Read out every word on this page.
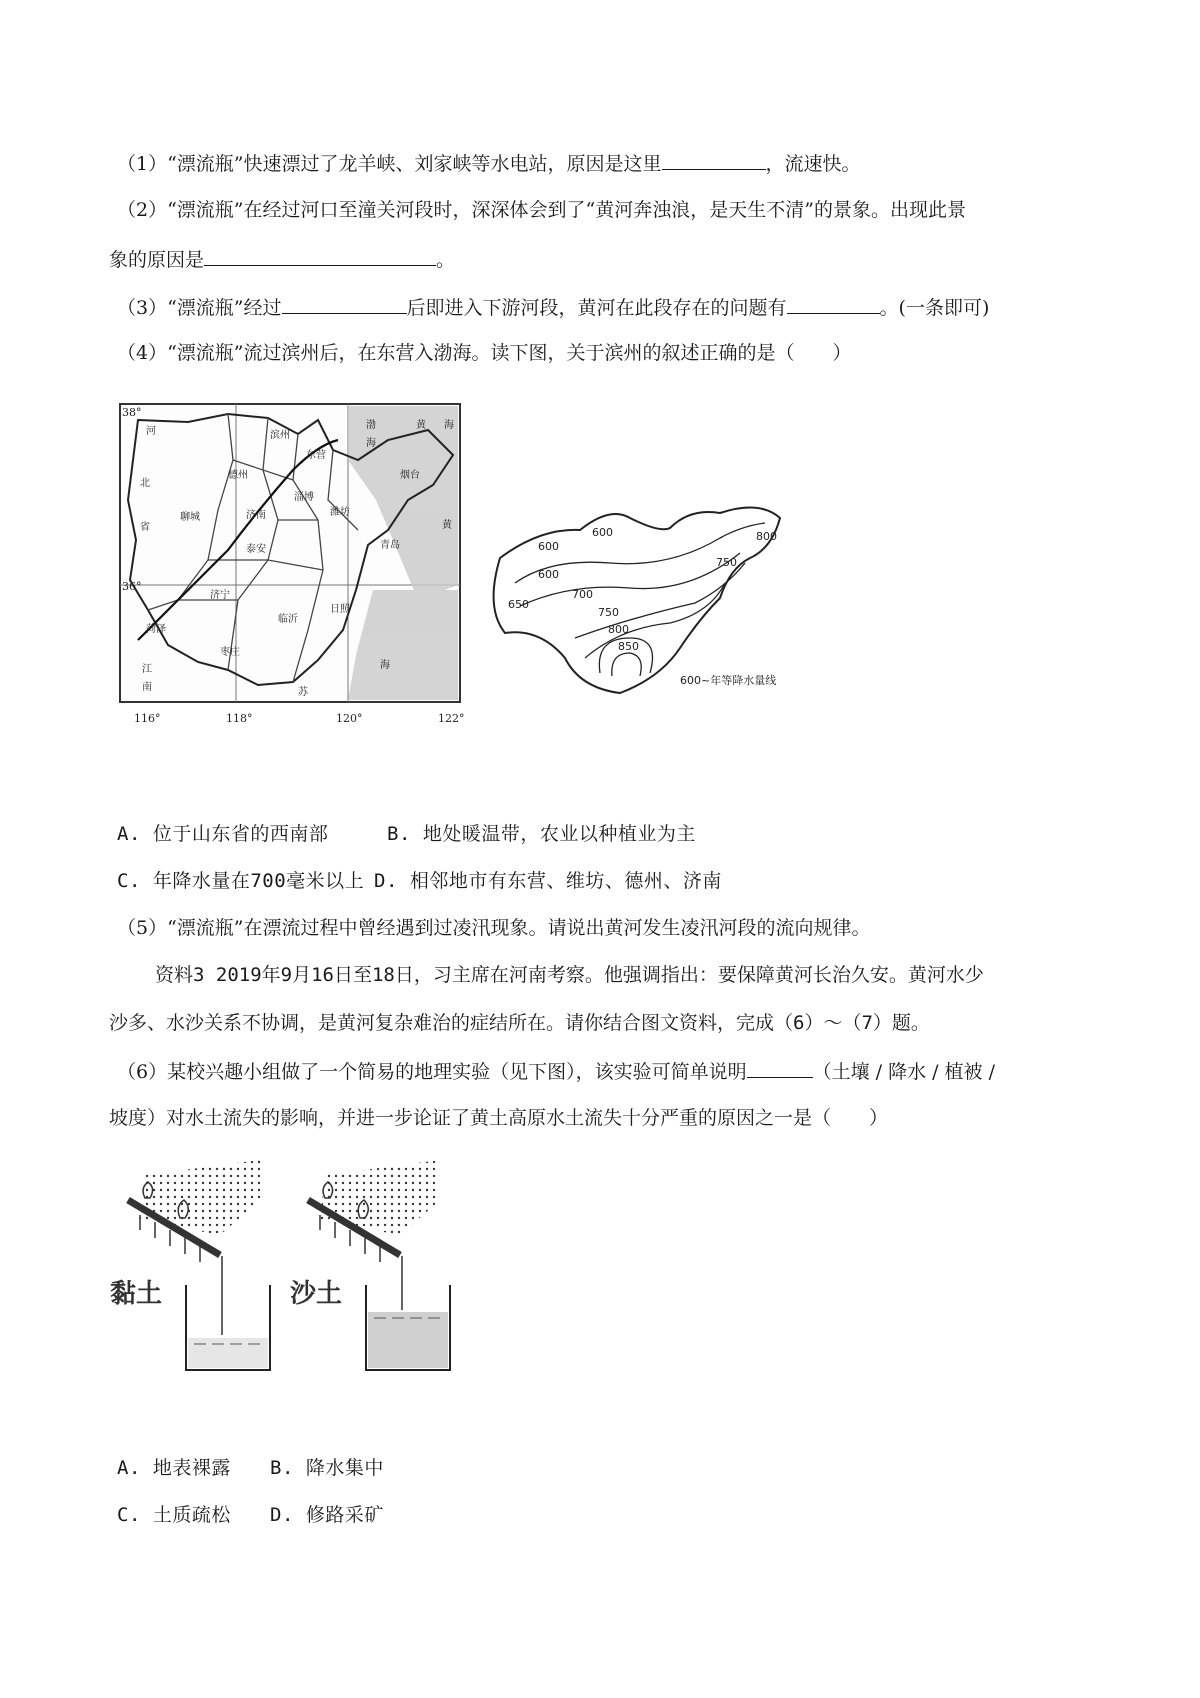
（1）“漂流瓶”快速漂过了龙羊峡、刘家峡等水电站，原因是这里	，流速快。
（2）“漂流瓶”在经过河口至潼关河段时，深深体会到了“黄河奔浊浪，是天生不清”的景象。出现此景
象的原因是	。
（3）“漂流瓶”经过	后即进入下游河段，黄河在此段存在的问题有	。(一条即可)
（4）“漂流瓶”流过滨州后，在东营入渤海。读下图，关于滨州的叙述正确的是（　　）
38°
36°
116°	118°	120°	122°
河
北
省
渤
海
黄 海
滨州
东营
德州	烟台
济南
淄博
潍坊
青岛
泰安
聊城
济宁
临沂
日照
菏泽
枣庄
苏
江
南
黄
海
600
600
600
650
700
750
750
800
800
850
600~年等降水量线
A. 位于山东省的西南部	B. 地处暖温带，农业以种植业为主
C. 年降水量在700毫米以上 D. 相邻地市有东营、维坊、德州、济南
（5）“漂流瓶”在漂流过程中曾经遇到过凌汛现象。请说出黄河发生凌汛河段的流向规律。
资料3 2019年9月16日至18日，习主席在河南考察。他强调指出：要保障黄河长治久安。黄河水少
沙多、水沙关系不协调，是黄河复杂难治的症结所在。请你结合图文资料，完成（6）～（7）题。
（6）某校兴趣小组做了一个简易的地理实验（见下图），该实验可简单说明	（土壤 / 降水 / 植被 /
坡度）对水土流失的影响，并进一步论证了黄土高原水土流失十分严重的原因之一是（　　）
黏土	沙土
A. 地表裸露 B. 降水集中
C. 土质疏松 D. 修路采矿
